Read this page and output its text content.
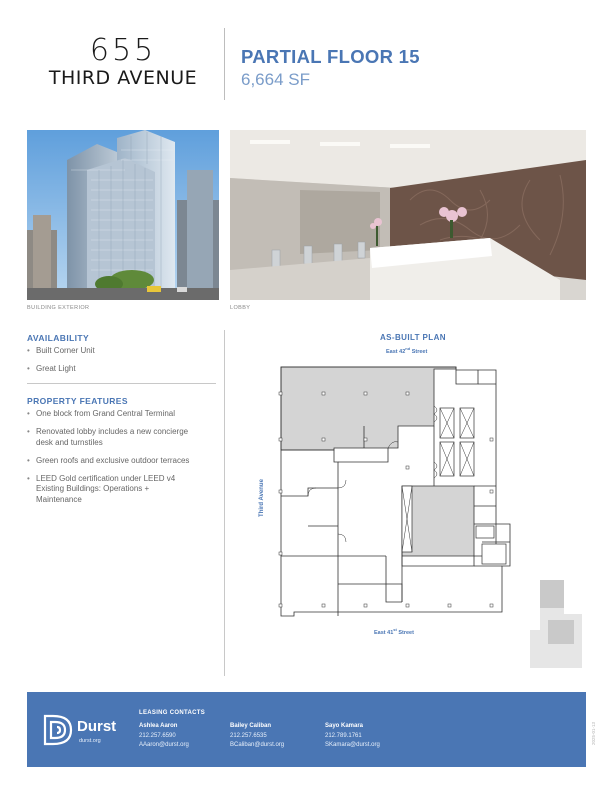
655
THIRD AVENUE
PARTIAL FLOOR 15
6,664 SF
BUILDING EXTERIOR	LOBBY
AVAILABILITY
• Built Corner Unit
• Great Light
PROPERTY FEATURES
• One block from Grand Central Terminal
• Renovated lobby includes a new concierge desk and turnstiles
• Green roofs and exclusive outdoor terraces
• LEED Gold certification under LEED v4 Existing Buildings: Operations + Maintenance
AS-BUILT PLAN
East 42nd Street
East 41st Street
Third Avenue
Durst
durst.org
LEASING CONTACTS
Ashlea Aaron
212.257.6590
AAaron@durst.org
Bailey Caliban
212.257.6535
BCaliban@durst.org
Sayo Kamara
212.789.1761
SKamara@durst.org	2025-01-13
